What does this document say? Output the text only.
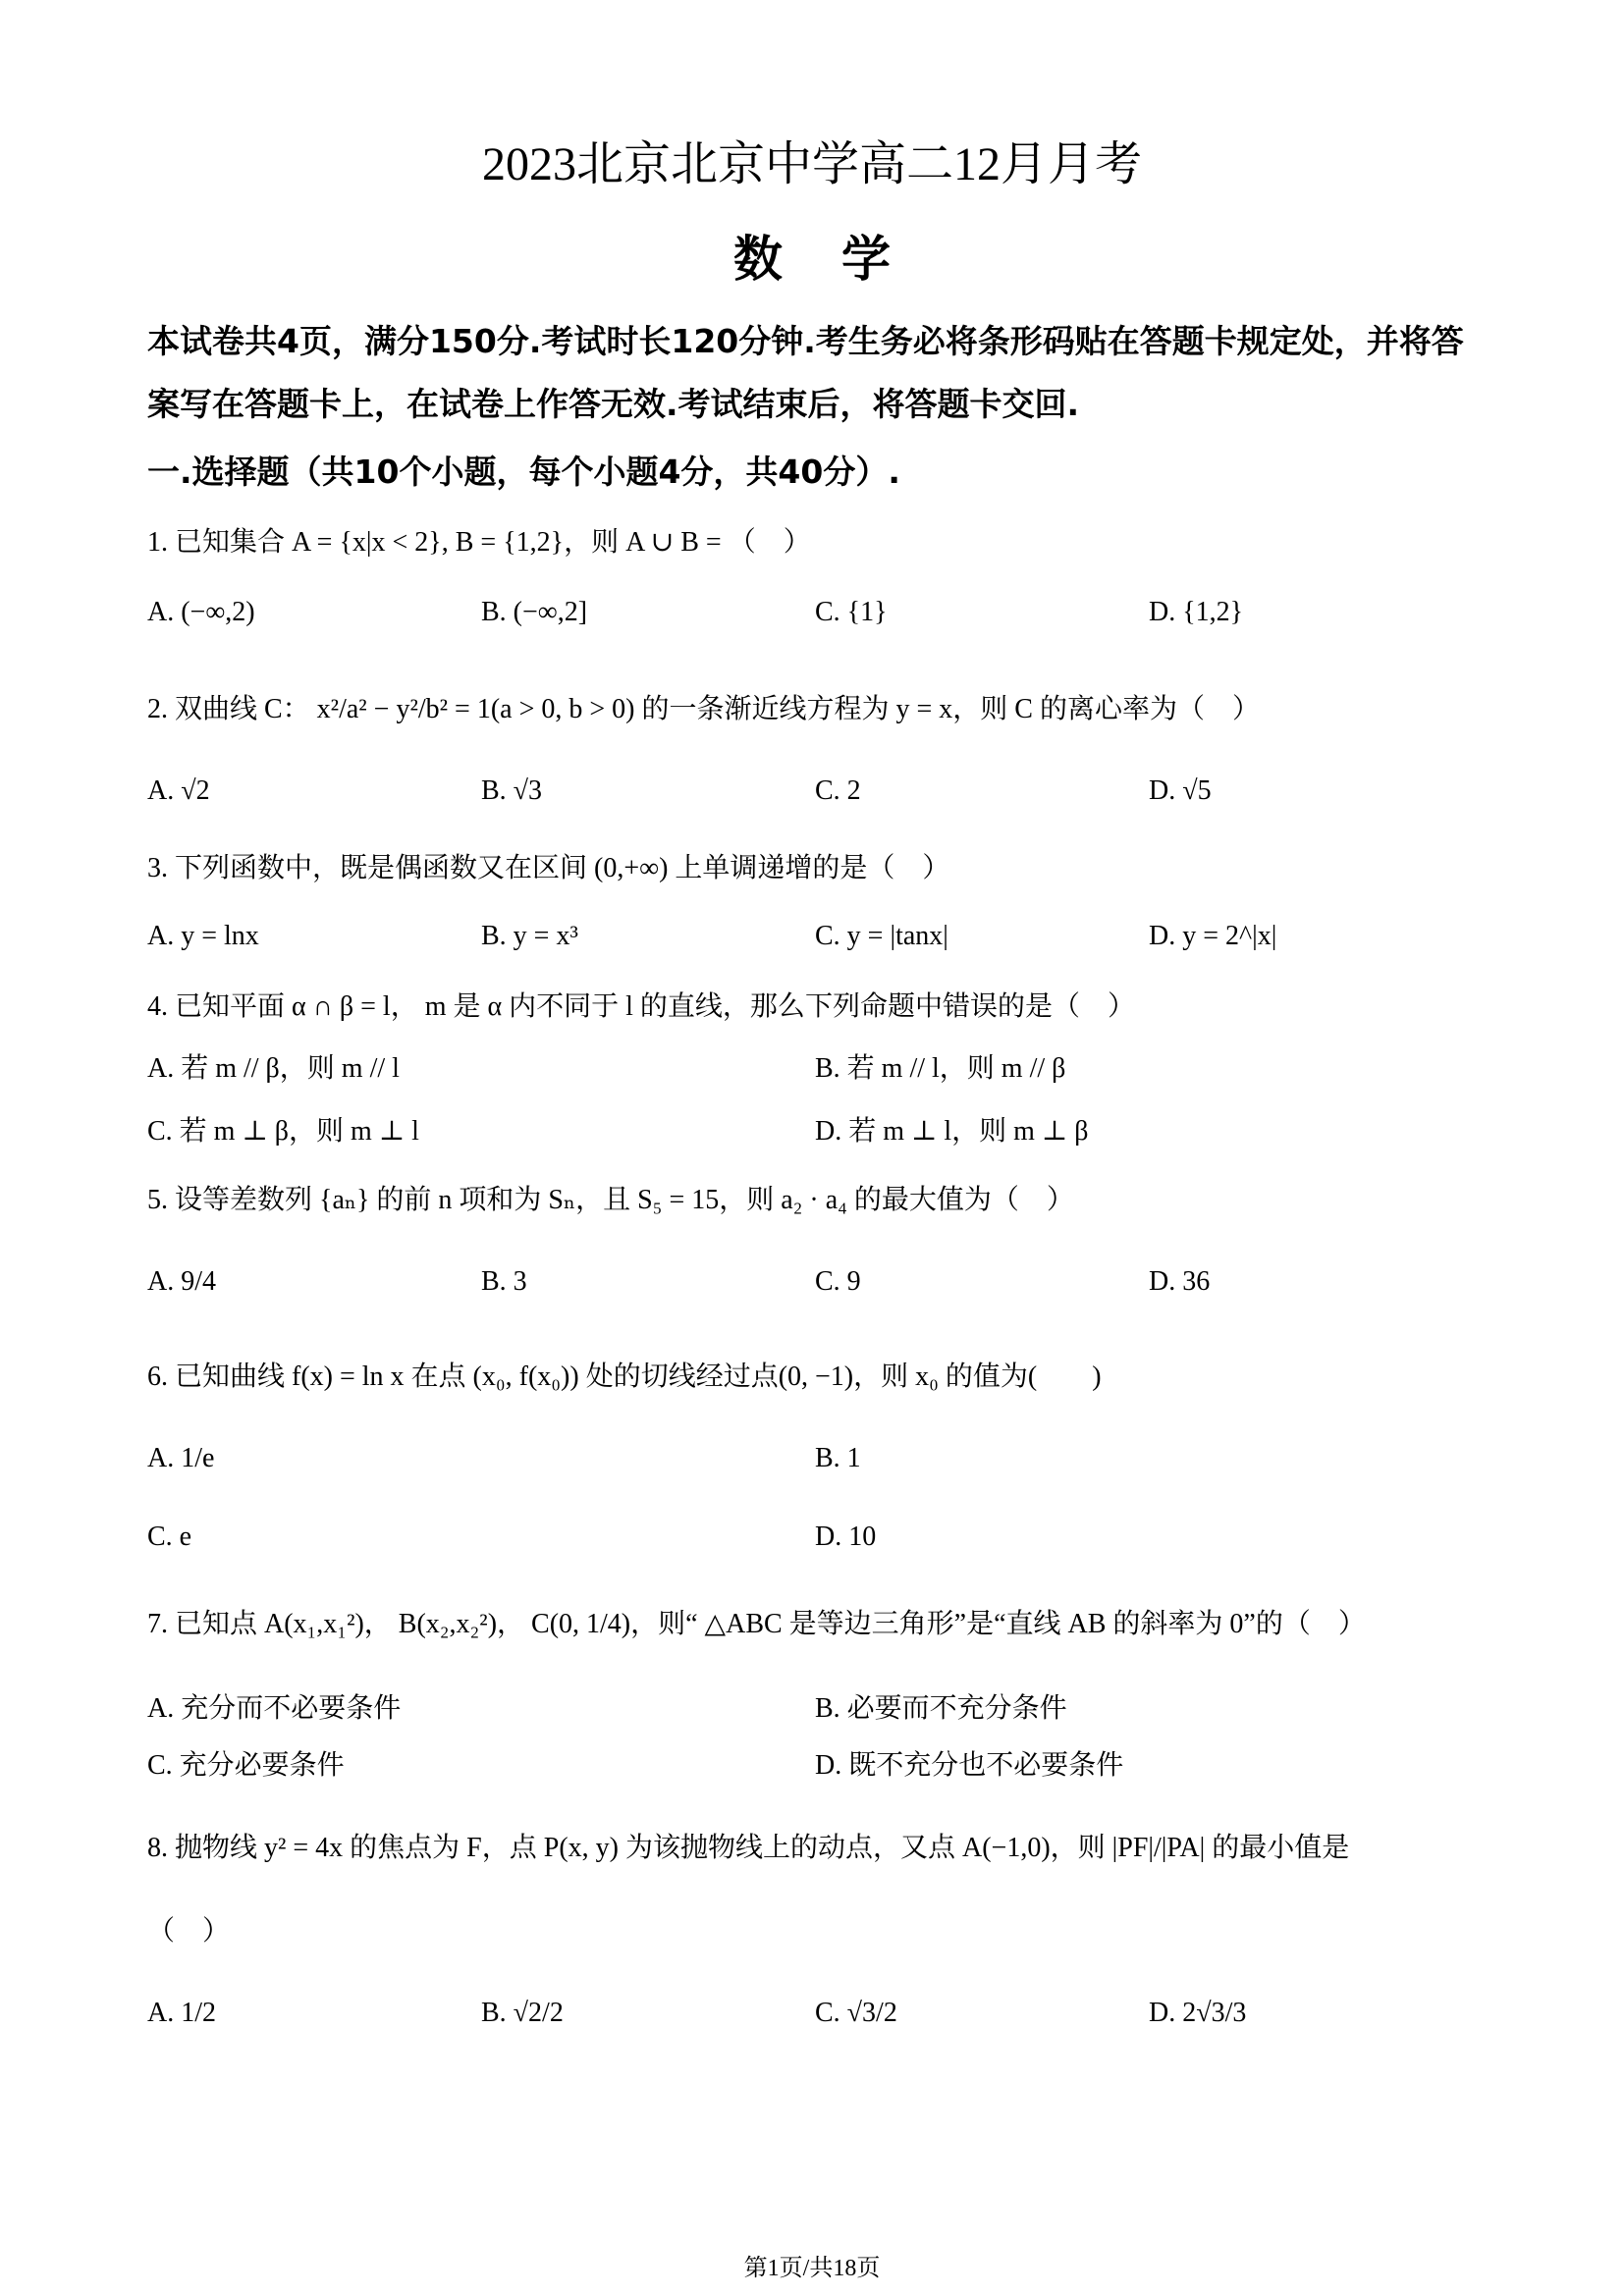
2023北京北京中学高二12月月考
数学
本试卷共4页，满分150分.考试时长120分钟.考生务必将条形码贴在答题卡规定处，并将答
案写在答题卡上，在试卷上作答无效.考试结束后，将答题卡交回.
一.选择题（共10个小题，每个小题4分，共40分）.
1. 已知集合 A = {x|x < 2}, B = {1,2}，则 A ∪ B = （　）
A. (−∞,2)	B. (−∞,2]	C. {1}	D. {1,2}
2. 双曲线 C： x²/a² − y²/b² = 1(a > 0, b > 0) 的一条渐近线方程为 y = x，则 C 的离心率为（　）
A. √2	B. √3	C. 2	D. √5
3. 下列函数中，既是偶函数又在区间 (0,+∞) 上单调递增的是（　）
A. y = lnx	B. y = x³	C. y = |tanx|	D. y = 2^|x|
4. 已知平面 α ∩ β = l， m 是 α 内不同于 l 的直线，那么下列命题中错误的是（　）
A. 若 m // β，则 m // l	B. 若 m // l，则 m // β
C. 若 m ⊥ β，则 m ⊥ l	D. 若 m ⊥ l，则 m ⊥ β
5. 设等差数列 {aₙ} 的前 n 项和为 Sₙ，且 S₅ = 15，则 a₂ · a₄ 的最大值为（　）
A. 9/4	B. 3	C. 9	D. 36
6. 已知曲线 f(x) = ln x 在点 (x₀, f(x₀)) 处的切线经过点(0, −1)，则 x₀ 的值为(　　)
A. 1/e	B. 1
C. e	D. 10
7. 已知点 A(x₁,x₁²)， B(x₂,x₂²)， C(0, 1/4)，则“ △ABC 是等边三角形”是“直线 AB 的斜率为 0”的（　）
A. 充分而不必要条件	B. 必要而不充分条件
C. 充分必要条件	D. 既不充分也不必要条件
8. 抛物线 y² = 4x 的焦点为 F，点 P(x, y) 为该抛物线上的动点，又点 A(−1,0)，则 |PF|/|PA| 的最小值是
（　）
A. 1/2	B. √2/2	C. √3/2	D. 2√3/3
第1页/共18页
